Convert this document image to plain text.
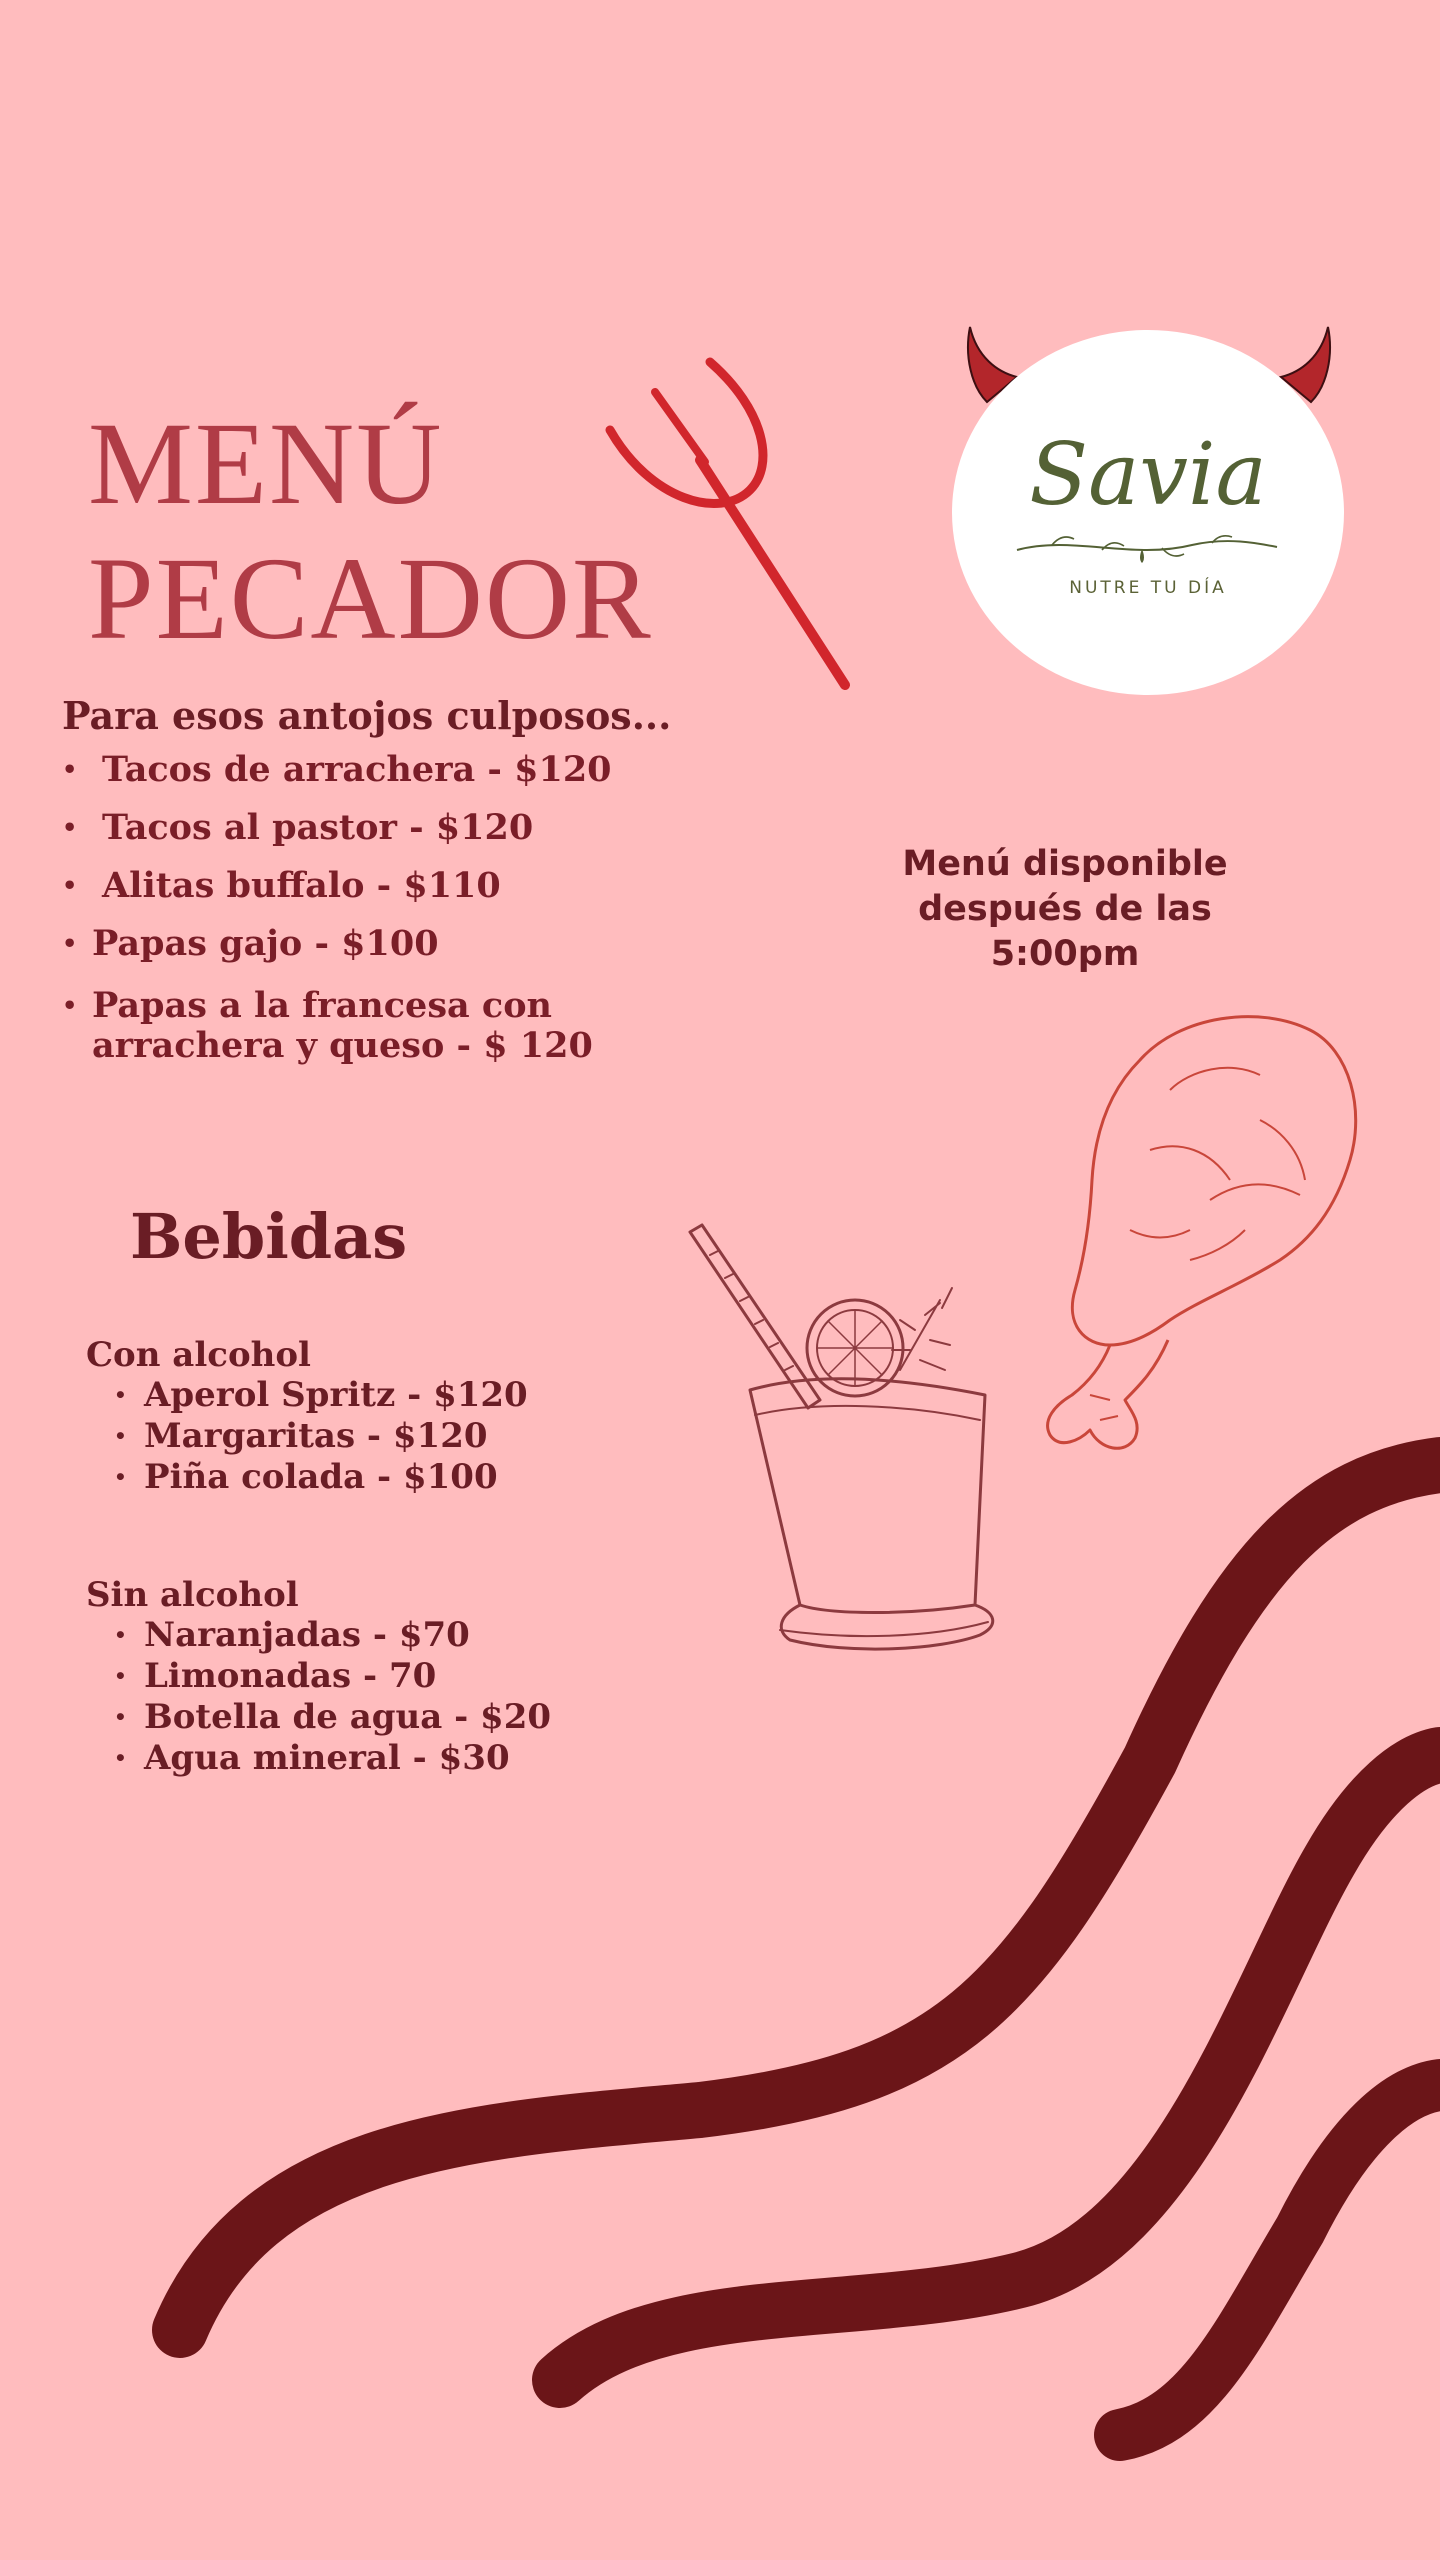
Savia
NUTRE TU DÍA
MENÚ
PECADOR
Para esos antojos culposos...
• Tacos de arrachera - $120
• Tacos al pastor - $120
• Alitas buffalo - $110
• Papas gajo - $100
• Papas a la francesa con arrachera y queso - $ 120
Menú disponible
después de las
5:00pm
Bebidas
Con alcohol
• Aperol Spritz - $120
• Margaritas - $120
• Piña colada - $100
Sin alcohol
• Naranjadas - $70
• Limonadas - 70
• Botella de agua - $20
• Agua mineral - $30
